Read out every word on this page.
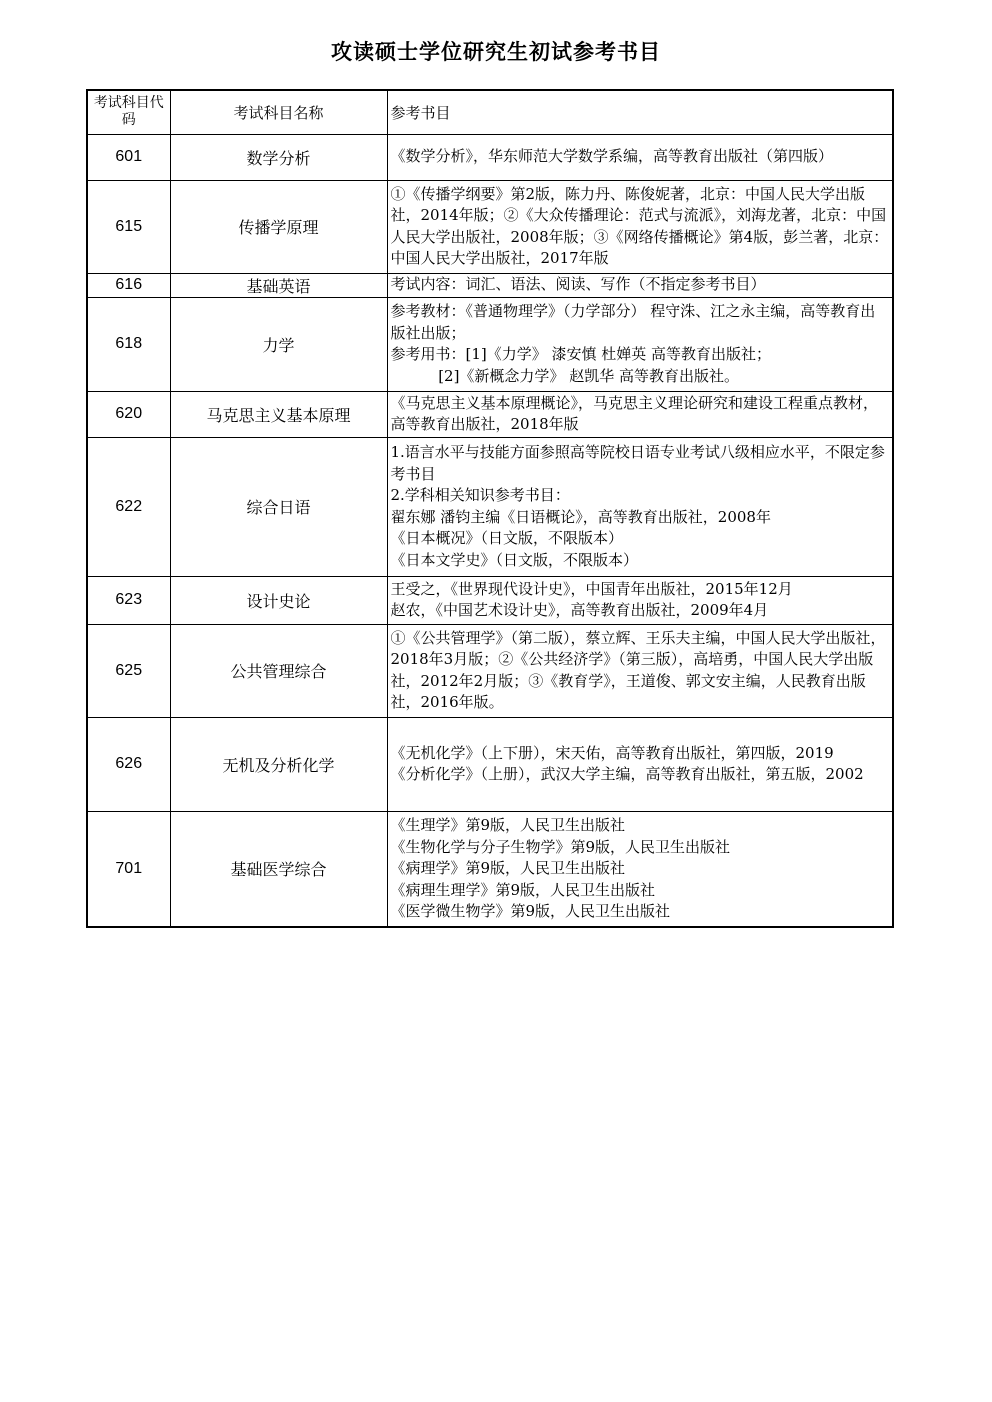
攻读硕士学位研究生初试参考书目
考试科目代码	考试科目名称	参考书目
601	数学分析	《数学分析》，华东师范大学数学系编，高等教育出版社（第四版）

615	传播学原理	①《传播学纲要》第2版，陈力丹、陈俊妮著，北京：中国人民大学出版社，2014年版；②《大众传播理论：范式与流派》，刘海龙著，北京：中国人民大学出版社，2008年版；③《网络传播概论》第4版，彭兰著，北京：中国人民大学出版社，2017年版

616	基础英语	考试内容：词汇、语法、阅读、写作（不指定参考书目）

618	力学	参考教材：《普通物理学》（力学部分） 程守洙、江之永主编，高等教育出版社出版；
参考用书：[1]《力学》 漆安慎 杜婵英 高等教育出版社；
[2]《新概念力学》 赵凯华 高等教育出版社。

620	马克思主义基本原理	《马克思主义基本原理概论》，马克思主义理论研究和建设工程重点教材，高等教育出版社，2018年版

622	综合日语	1.语言水平与技能方面参照高等院校日语专业考试八级相应水平，不限定参考书目
2.学科相关知识参考书目：
翟东娜 潘钧主编《日语概论》，高等教育出版社，2008年
《日本概况》（日文版，不限版本）
《日本文学史》（日文版，不限版本）

623	设计史论	王受之，《世界现代设计史》，中国青年出版社，2015年12月
赵农，《中国艺术设计史》，高等教育出版社，2009年4月

625	公共管理综合	①《公共管理学》（第二版），蔡立辉、王乐夫主编，中国人民大学出版社，2018年3月版；②《公共经济学》（第三版），高培勇，中国人民大学出版社，2012年2月版；③《教育学》，王道俊、郭文安主编，人民教育出版社，2016年版。

626	无机及分析化学	《无机化学》（上下册），宋天佑，高等教育出版社，第四版，2019
《分析化学》（上册），武汉大学主编，高等教育出版社，第五版，2002

701	基础医学综合	《生理学》第9版，人民卫生出版社
《生物化学与分子生物学》第9版，人民卫生出版社
《病理学》第9版，人民卫生出版社
《病理生理学》第9版，人民卫生出版社
《医学微生物学》第9版，人民卫生出版社
